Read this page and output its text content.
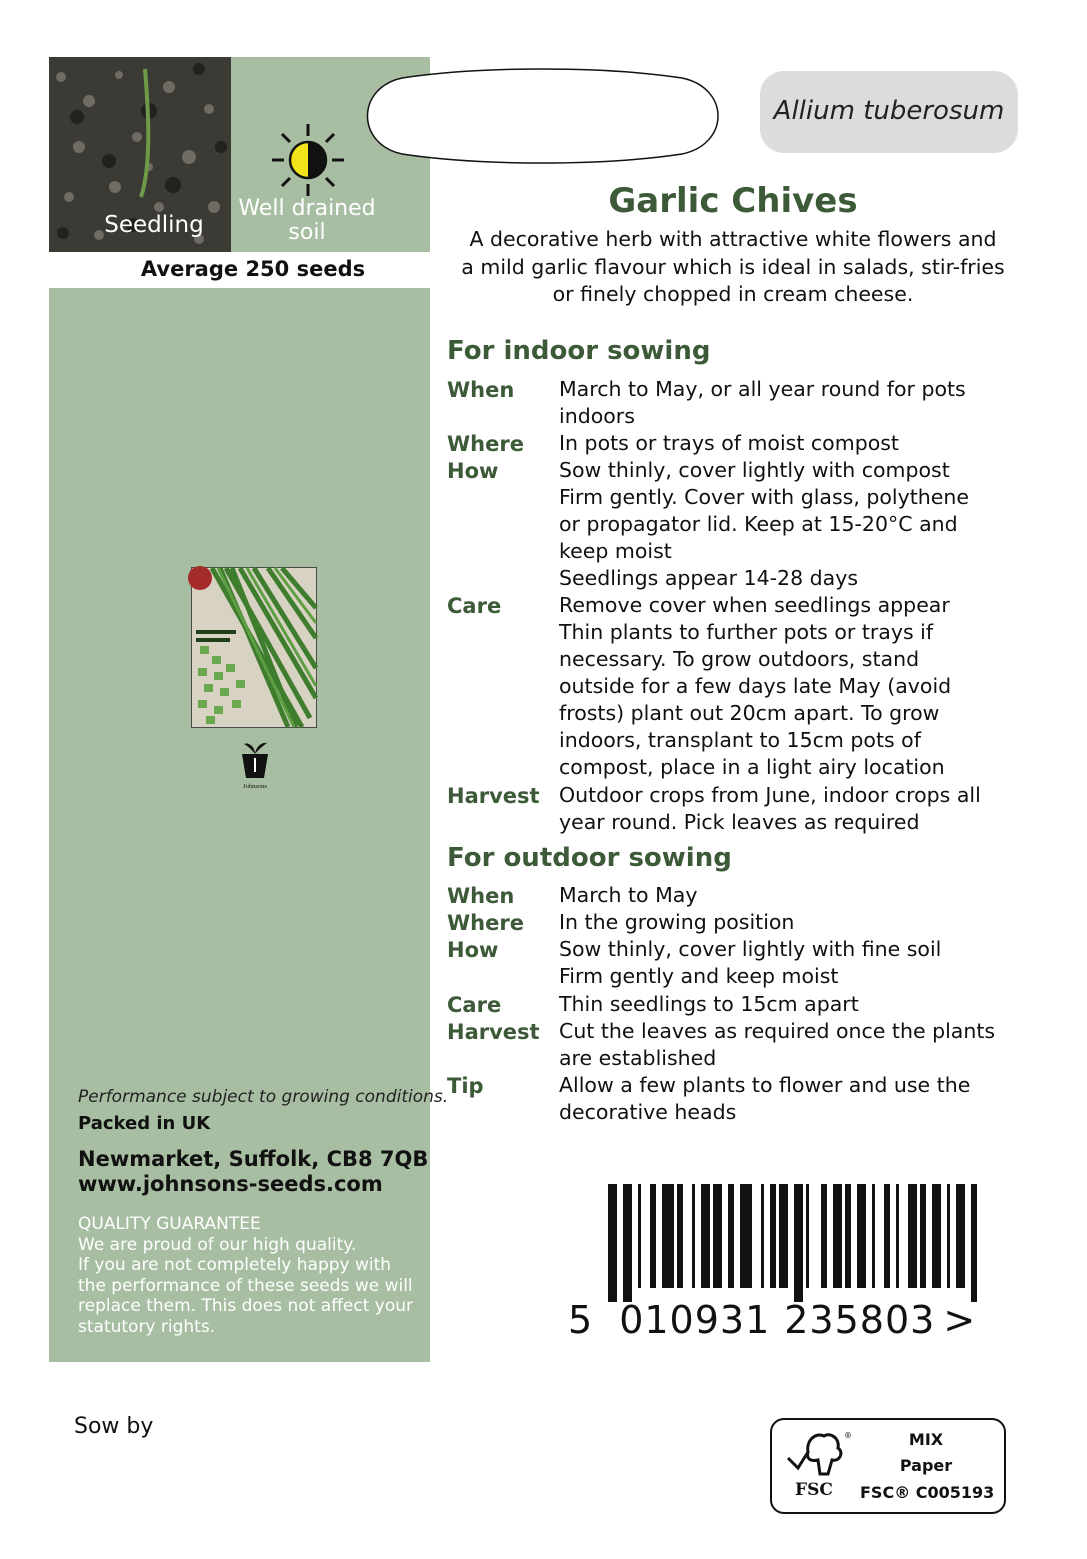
Seedling
Well drained
soil
Average 250 seeds
Johnsons
Performance subject to growing conditions.
Packed in UK
Newmarket, Suffolk, CB8 7QB
www.johnsons-seeds.com
QUALITY GUARANTEE
We are proud of our high quality.
If you are not completely happy with
the performance of these seeds we will
replace them. This does not affect your
statutory rights.
Sow by
Allium tuberosum
Garlic Chives
A decorative herb with attractive white flowers and
a mild garlic flavour which is ideal in salads, stir-fries
or finely chopped in cream cheese.
For indoor sowing
When March to May, or all year round for pots
indoors
Where In pots or trays of moist compost
How	Sow thinly, cover lightly with compost
Firm gently. Cover with glass, polythene
or propagator lid. Keep at 15-20°C and
keep moist
Seedlings appear 14-28 days
Care	Remove cover when seedlings appear
Thin plants to further pots or trays if
necessary. To grow outdoors, stand
outside for a few days late May (avoid
frosts) plant out 20cm apart. To grow
indoors, transplant to 15cm pots of
compost, place in a light airy location
Harvest Outdoor crops from June, indoor crops all
year round. Pick leaves as required
For outdoor sowing
When March to May
Where In the growing position
How	Sow thinly, cover lightly with fine soil
Firm gently and keep moist
Care	Thin seedlings to 15cm apart
Harvest Cut the leaves as required once the plants
are established
Tip	Allow a few plants to flower and use the
decorative heads
5 010931 235803 >
®
FSC
MIX
Paper
FSC® C005193
